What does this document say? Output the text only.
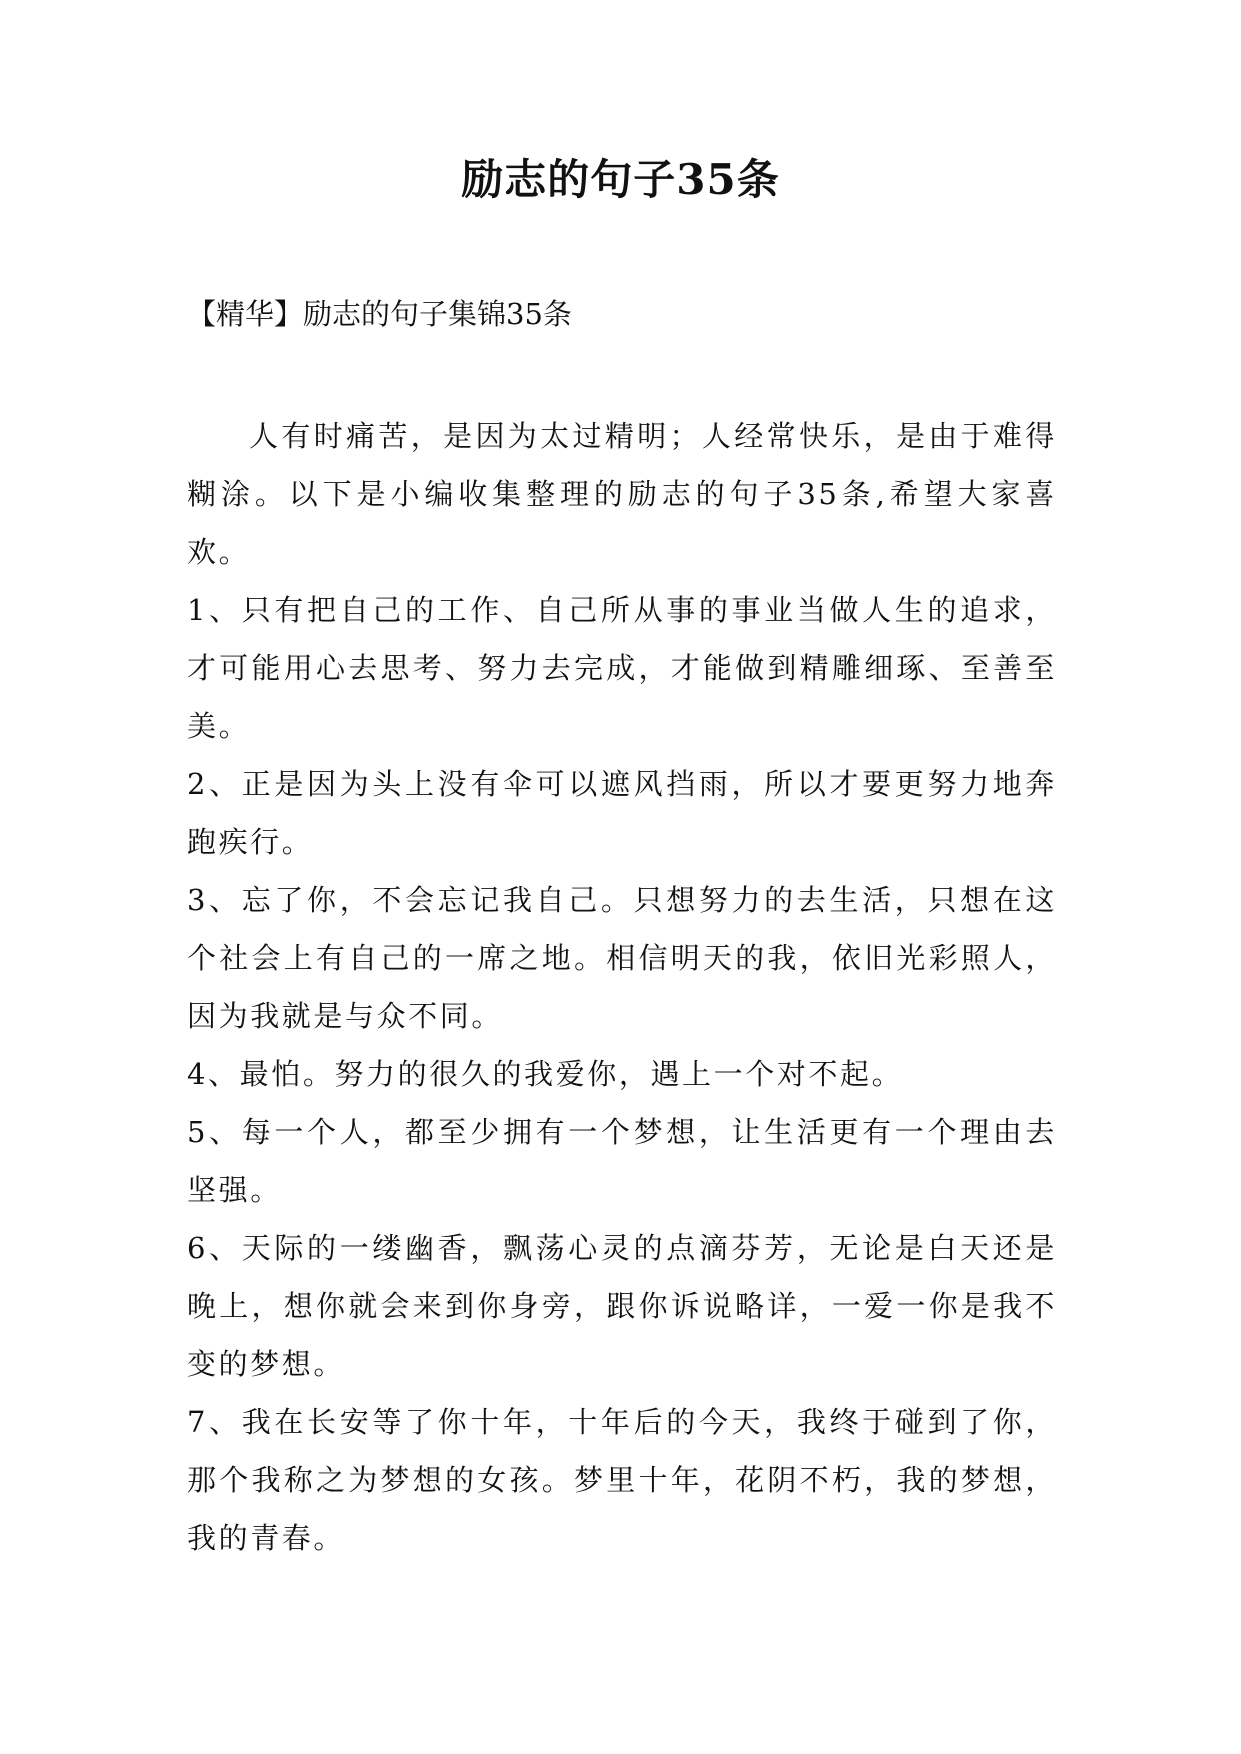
励志的句子35条
【精华】励志的句子集锦35条

人有时痛苦，是因为太过精明；人经常快乐，是由于难得糊涂。以下是小编收集整理的励志的句子35条,希望大家喜欢。

1、只有把自己的工作、自己所从事的事业当做人生的追求，才可能用心去思考、努力去完成，才能做到精雕细琢、至善至美。

2、正是因为头上没有伞可以遮风挡雨，所以才要更努力地奔跑疾行。

3、忘了你，不会忘记我自己。只想努力的去生活，只想在这个社会上有自己的一席之地。相信明天的我，依旧光彩照人，因为我就是与众不同。

4、最怕。努力的很久的我爱你，遇上一个对不起。

5、每一个人，都至少拥有一个梦想，让生活更有一个理由去坚强。

6、天际的一缕幽香，飘荡心灵的点滴芬芳，无论是白天还是晚上，想你就会来到你身旁，跟你诉说略详，一爱一你是我不变的梦想。

7、我在长安等了你十年，十年后的今天，我终于碰到了你，那个我称之为梦想的女孩。梦里十年，花阴不朽，我的梦想，我的青春。
